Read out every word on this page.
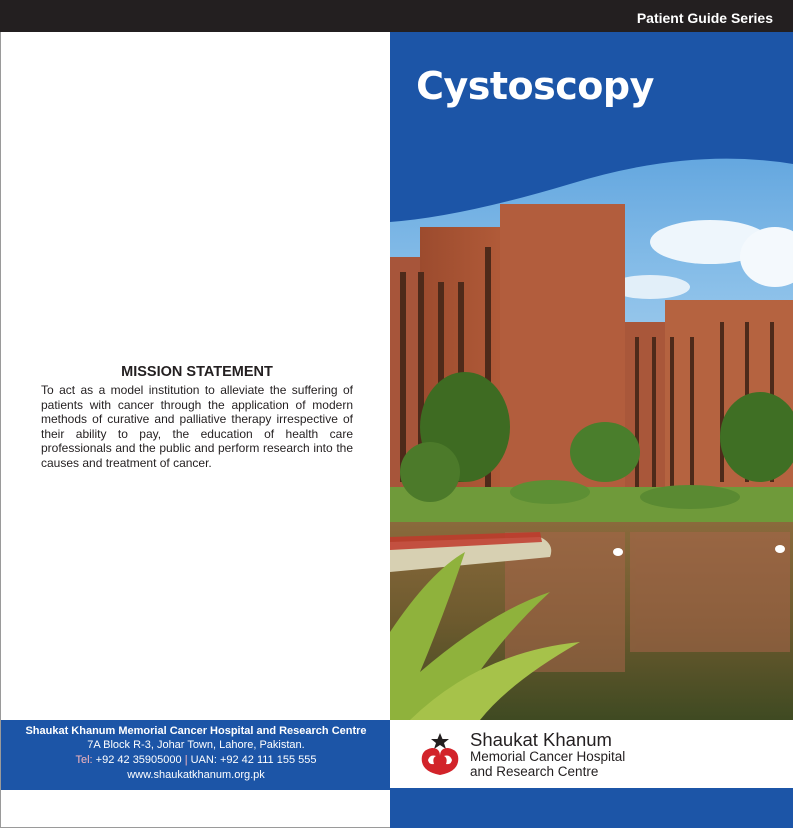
Patient Guide Series
MISSION STATEMENT
To act as a model institution to alleviate the suffering of patients with cancer through the application of modern methods of curative and palliative therapy irrespective of their ability to pay, the education of health care professionals and the public and perform research into the causes and treatment of cancer.
Shaukat Khanum Memorial Cancer Hospital and Research Centre
7A Block R-3, Johar Town, Lahore, Pakistan.
Tel: +92 42 35905000 | UAN: +92 42 111 155 555
www.shaukatkhanum.org.pk
Cystoscopy
Shaukat Khanum
Memorial Cancer Hospital
and Research Centre
